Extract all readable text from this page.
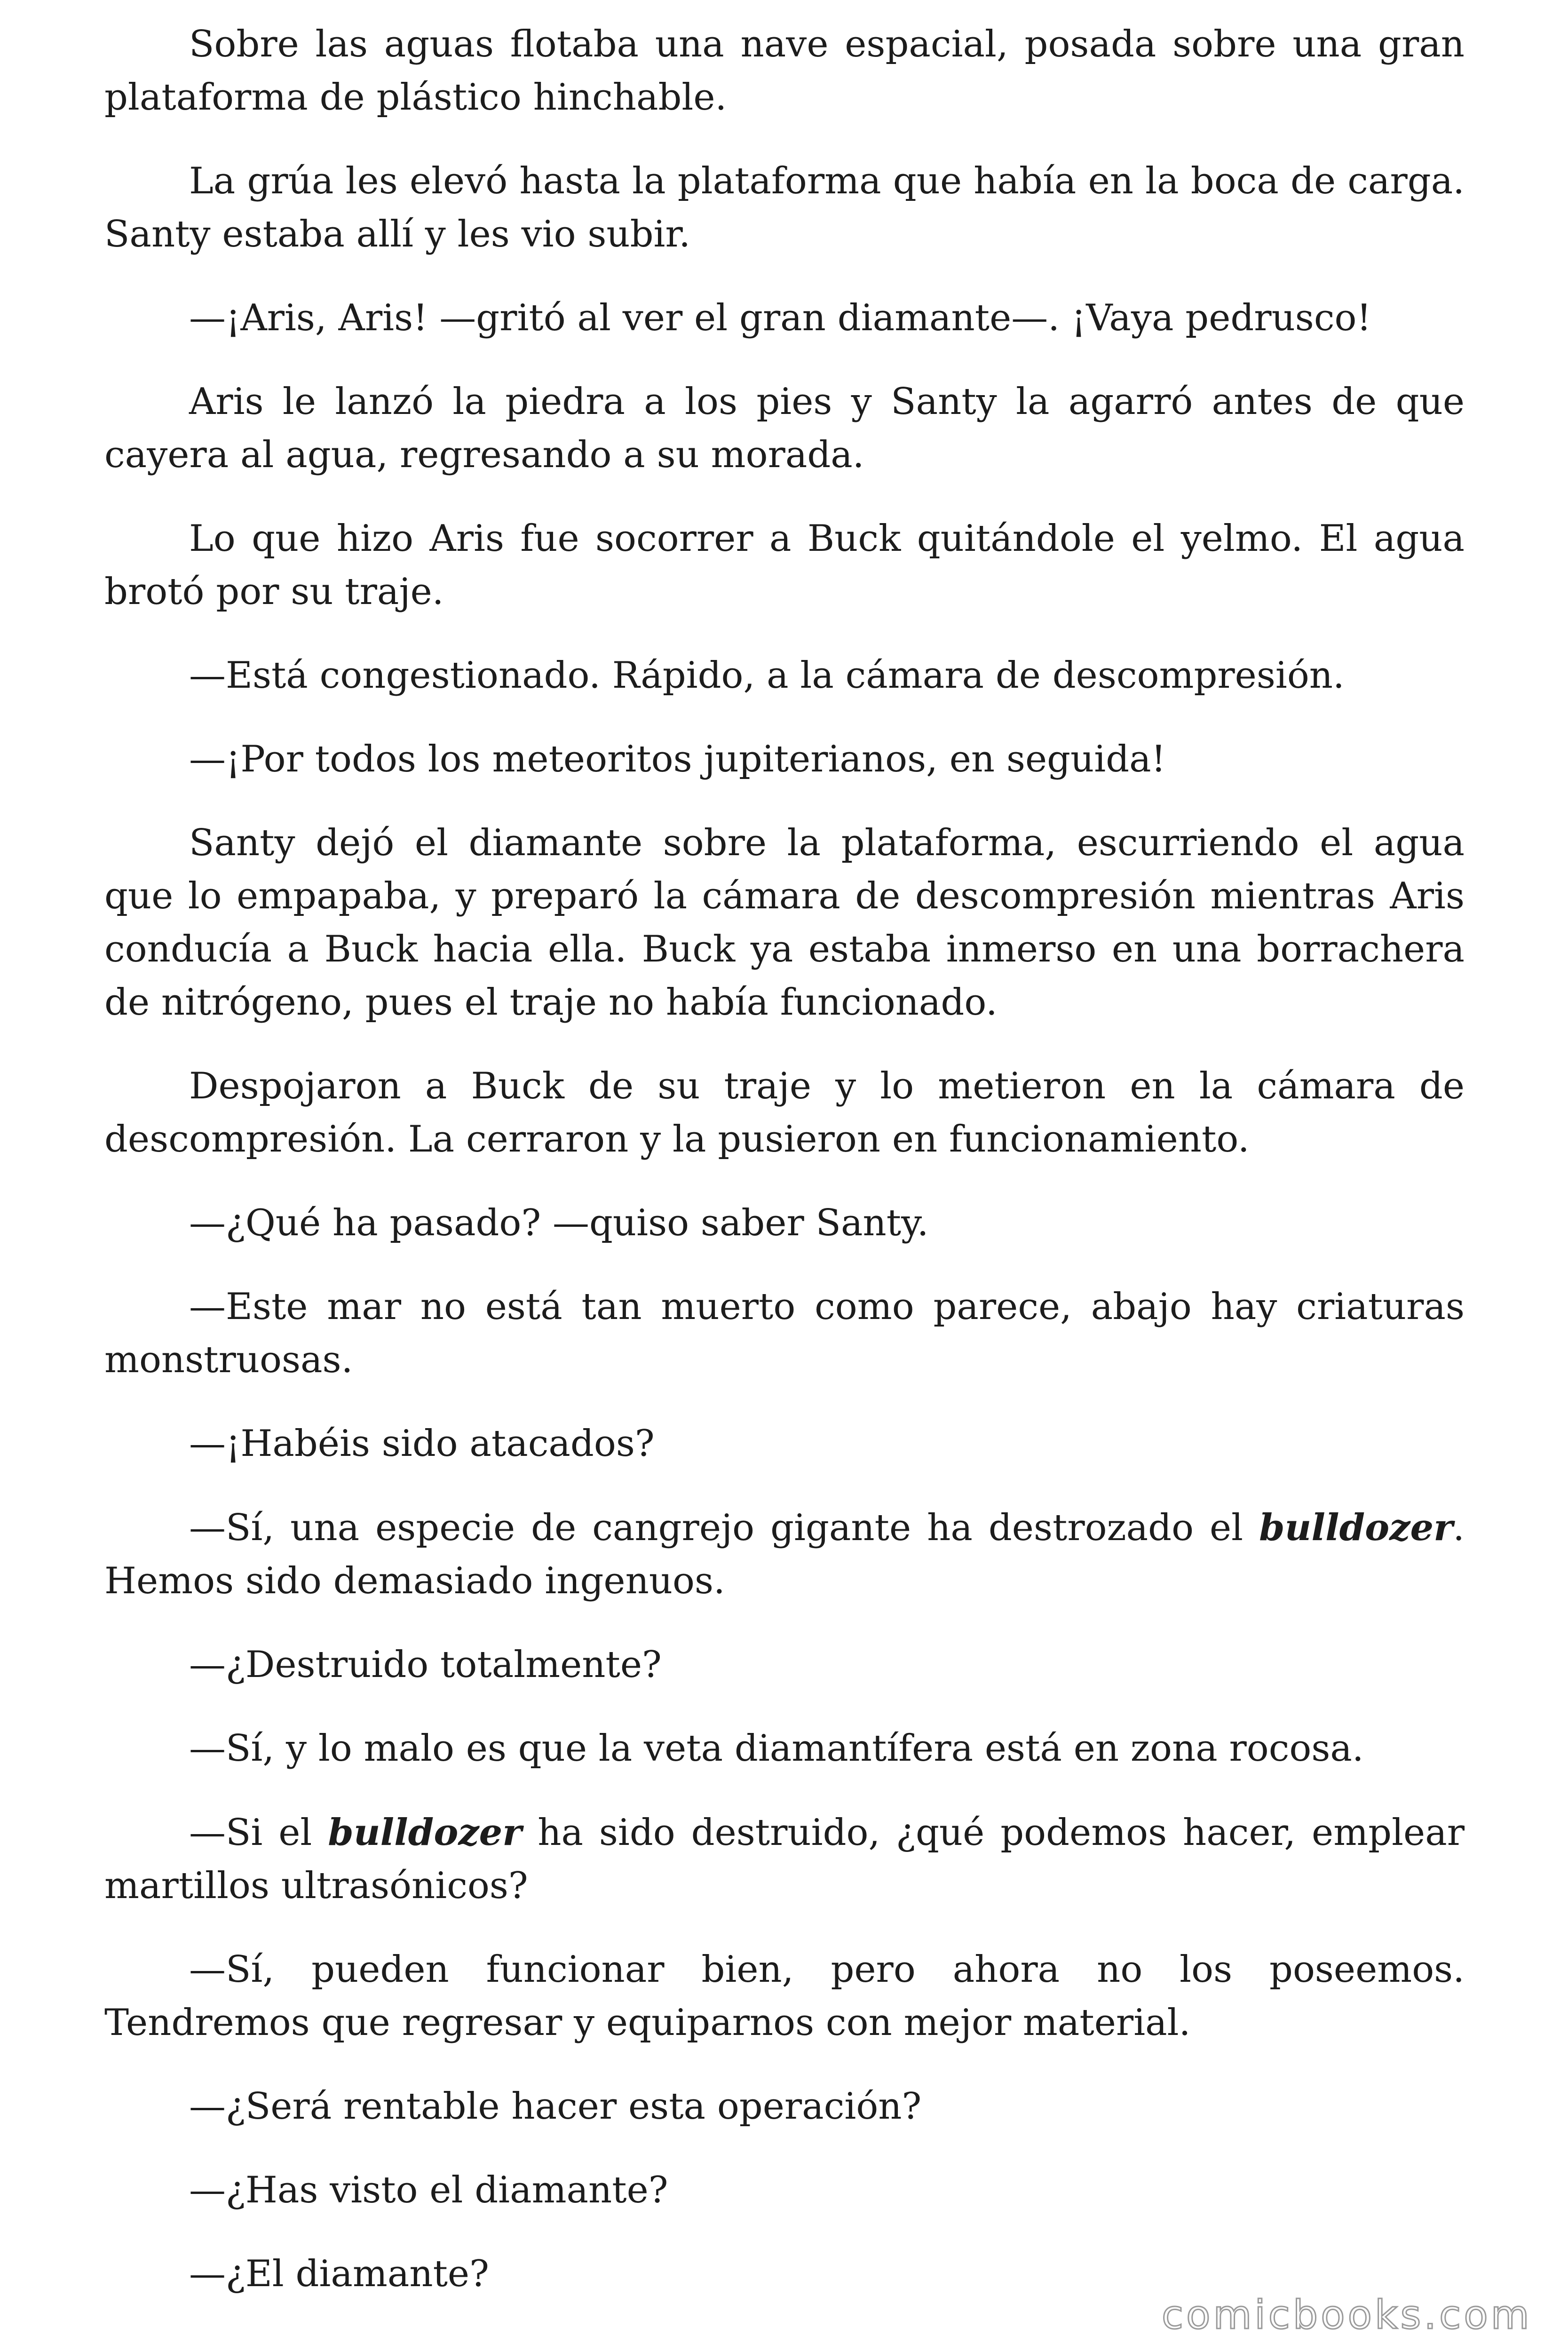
Sobre las aguas flotaba una nave espacial, posada sobre una gran plataforma de plástico hinchable.

La grúa les elevó hasta la plataforma que había en la boca de carga. Santy estaba allí y les vio subir.

—¡Aris, Aris! —gritó al ver el gran diamante—. ¡Vaya pedrusco!

Aris le lanzó la piedra a los pies y Santy la agarró antes de que cayera al agua, regresando a su morada.

Lo que hizo Aris fue socorrer a Buck quitándole el yelmo. El agua brotó por su traje.

—Está congestionado. Rápido, a la cámara de descompresión.

—¡Por todos los meteoritos jupiterianos, en seguida!

Santy dejó el diamante sobre la plataforma, escurriendo el agua que lo empapaba, y preparó la cámara de descompresión mientras Aris conducía a Buck hacia ella. Buck ya estaba inmerso en una borrachera de nitrógeno, pues el traje no había funcionado.

Despojaron a Buck de su traje y lo metieron en la cámara de descompresión. La cerraron y la pusieron en funcionamiento.

—¿Qué ha pasado? —quiso saber Santy.

—Este mar no está tan muerto como parece, abajo hay criaturas monstruosas.

—¡Habéis sido atacados?

—Sí, una especie de cangrejo gigante ha destrozado el bulldozer. Hemos sido demasiado ingenuos.

—¿Destruido totalmente?

—Sí, y lo malo es que la veta diamantífera está en zona rocosa.

—Si el bulldozer ha sido destruido, ¿qué podemos hacer, emplear martillos ultrasónicos?

—Sí, pueden funcionar bien, pero ahora no los poseemos. Tendremos que regresar y equiparnos con mejor material.

—¿Será rentable hacer esta operación?

—¿Has visto el diamante?

—¿El diamante?

comicbooks.com
